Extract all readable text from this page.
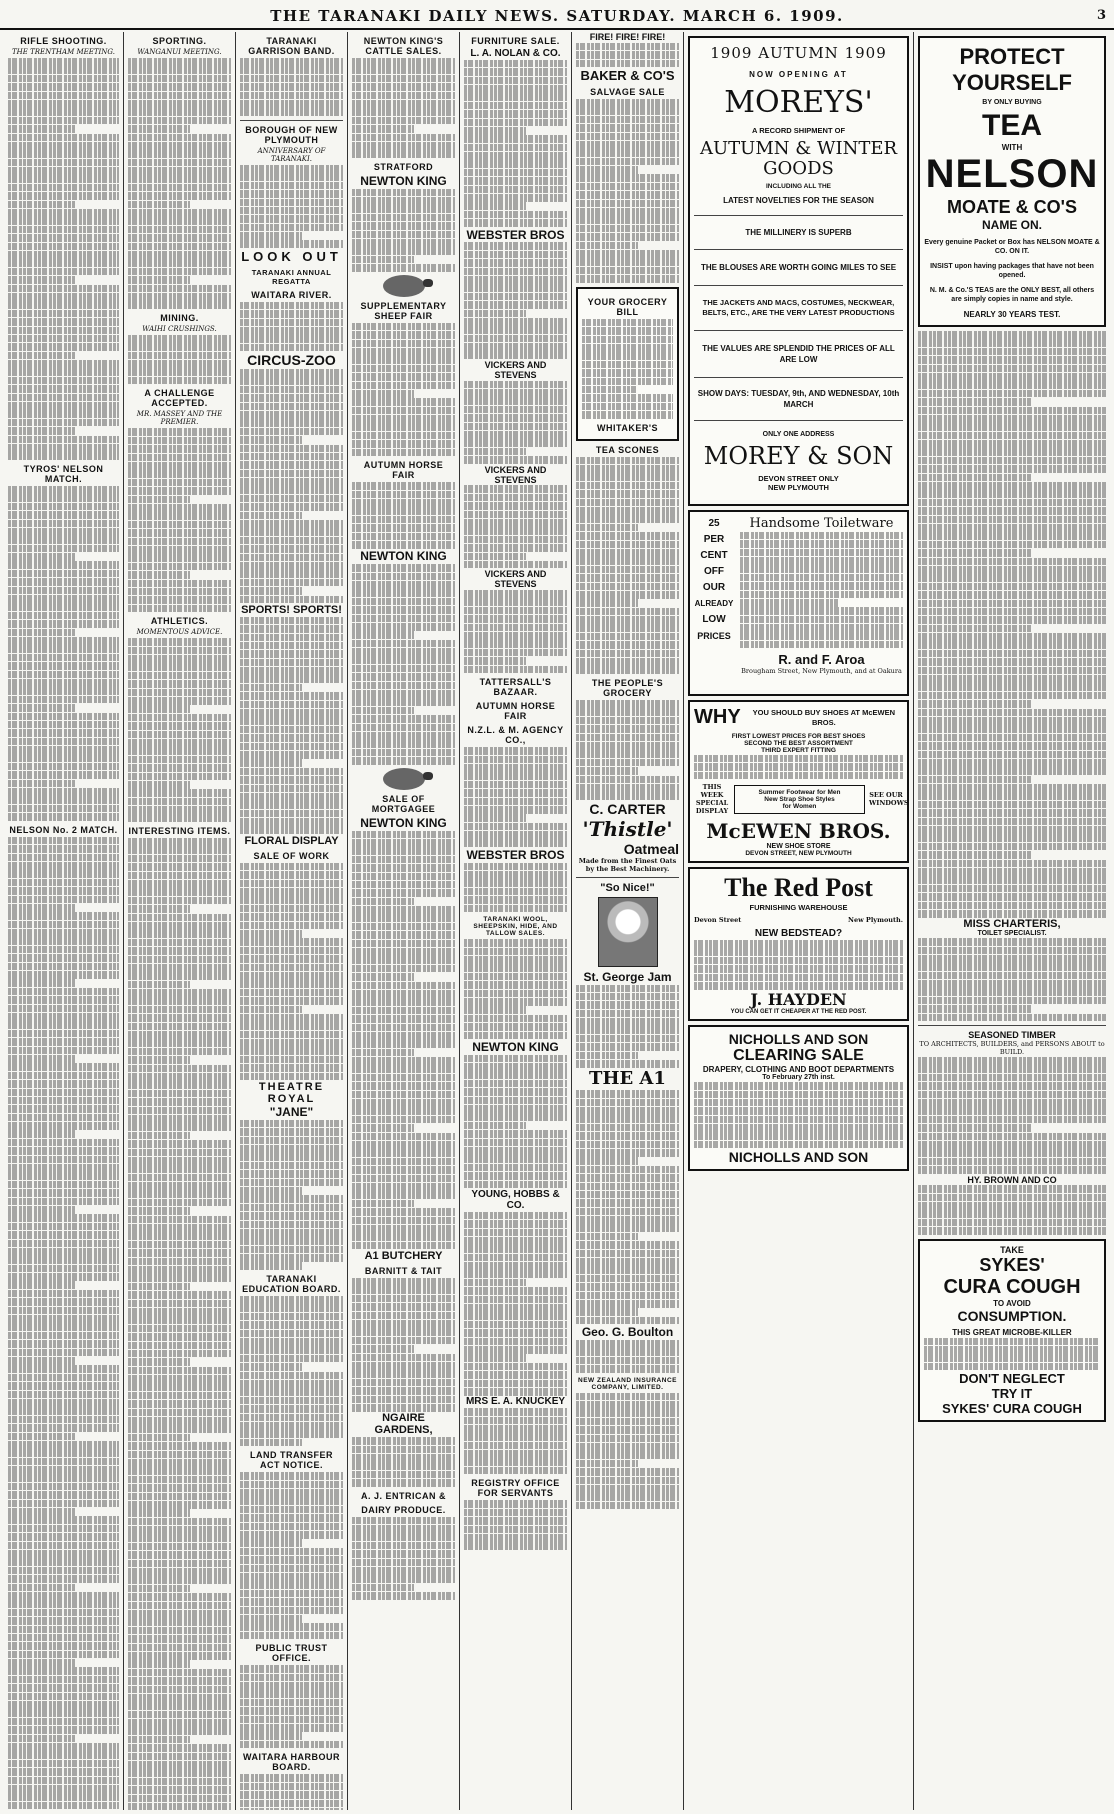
THE TARANAKI DAILY NEWS. SATURDAY. MARCH 6. 1909.	3
RIFLE SHOOTING.
THE TRENTHAM MEETING.
TYROS' NELSON MATCH.
NELSON No. 2 MATCH.
SPORTING.
WANGANUI MEETING.
MINING.
WAIHI CRUSHINGS.
A CHALLENGE ACCEPTED.
MR. MASSEY AND THE PREMIER.
ATHLETICS.
MOMENTOUS ADVICE.
INTERESTING ITEMS.
TARANAKI GARRISON BAND.
BOROUGH OF NEW PLYMOUTH
ANNIVERSARY OF TARANAKI.
LOOK OUT
TARANAKI ANNUAL REGATTA
WAITARA RIVER.
CIRCUS-ZOO
SPORTS! SPORTS!
FLORAL DISPLAY
SALE OF WORK
THEATRE ROYAL
"JANE"
TARANAKI EDUCATION BOARD.
LAND TRANSFER ACT NOTICE.
PUBLIC TRUST OFFICE.
WAITARA HARBOUR BOARD.
NEWTON KING'S CATTLE SALES.
STRATFORD
NEWTON KING
SUPPLEMENTARY SHEEP FAIR
AUTUMN HORSE FAIR
NEWTON KING
SALE OF MORTGAGEE
NEWTON KING
A1 BUTCHERY
BARNITT & TAIT
NGAIRE GARDENS,
A. J. ENTRICAN &
DAIRY PRODUCE.
FURNITURE SALE.
L. A. NOLAN & CO.
WEBSTER BROS
VICKERS AND STEVENS
VICKERS AND STEVENS
VICKERS AND STEVENS
TATTERSALL'S BAZAAR.
AUTUMN HORSE FAIR
N.Z.L. & M. AGENCY CO.,
WEBSTER BROS
TARANAKI WOOL, SHEEPSKIN, HIDE, AND TALLOW SALES.
NEWTON KING
YOUNG, HOBBS & CO.
MRS E. A. KNUCKEY
REGISTRY OFFICE FOR SERVANTS
FIRE! FIRE! FIRE!
BAKER & CO'S
SALVAGE SALE
YOUR GROCERY BILL
WHITAKER'S
TEA SCONES
THE PEOPLE'S GROCERY
C. CARTER
'Thistle'
Oatmeal
Made from the Finest Oats by the Best Machinery.
"So Nice!"
St. George Jam
THE A1
Geo. G. Boulton
NEW ZEALAND INSURANCE COMPANY, LIMITED.
1909 AUTUMN 1909
NOW OPENING AT
MOREYS'
A RECORD SHIPMENT OF
AUTUMN & WINTER GOODS
INCLUDING ALL THE
LATEST NOVELTIES FOR THE SEASON
THE MILLINERY IS SUPERB
THE BLOUSES ARE WORTH GOING MILES TO SEE
THE JACKETS AND MACS, COSTUMES, NECKWEAR, BELTS, ETC., ARE THE VERY LATEST PRODUCTIONS
THE VALUES ARE SPLENDID THE PRICES OF ALL ARE LOW
SHOW DAYS: TUESDAY, 9th, AND WEDNESDAY, 10th MARCH
ONLY ONE ADDRESS
MOREY & SON
DEVON STREET ONLY
NEW PLYMOUTH
25
PER
CENT
OFF
OUR
ALREADY
LOW
PRICES
Handsome Toiletware
R. and F. Aroa
Brougham Street, New Plymouth, and at Oakura
WHY	YOU SHOULD BUY SHOES AT McEWEN BROS.
FIRST LOWEST PRICES FOR BEST SHOES
SECOND THE BEST ASSORTMENT
THIRD EXPERT FITTING
THIS WEEK SPECIAL DISPLAY
Summer Footwear for Men
New Strap Shoe Styles
for Women
SEE OUR WINDOWS
McEWEN BROS.
NEW SHOE STORE
DEVON STREET, NEW PLYMOUTH
The Red Post
FURNISHING WAREHOUSE
Devon Street	New Plymouth.
NEW BEDSTEAD?
J. HAYDEN
YOU CAN GET IT CHEAPER AT THE RED POST.
NICHOLLS AND SON
CLEARING SALE
DRAPERY, CLOTHING AND BOOT DEPARTMENTS
To February 27th inst.
NICHOLLS AND SON
PROTECT
YOURSELF
BY ONLY BUYING
TEA
WITH
NELSON
MOATE & CO'S
NAME ON.
Every genuine Packet or Box has NELSON MOATE & CO. ON IT.
INSIST upon having packages that have not been opened.
N. M. & Co.'S TEAS are the ONLY BEST, all others are simply copies in name and style.
NEARLY 30 YEARS TEST.
MISS CHARTERIS,
TOILET SPECIALIST.
SEASONED TIMBER
TO ARCHITECTS, BUILDERS, and PERSONS ABOUT to BUILD.
HY. BROWN AND CO
TAKE
SYKES'
CURA COUGH
TO AVOID
CONSUMPTION.
THIS GREAT MICROBE-KILLER
DON'T NEGLECT
TRY IT
SYKES' CURA COUGH
